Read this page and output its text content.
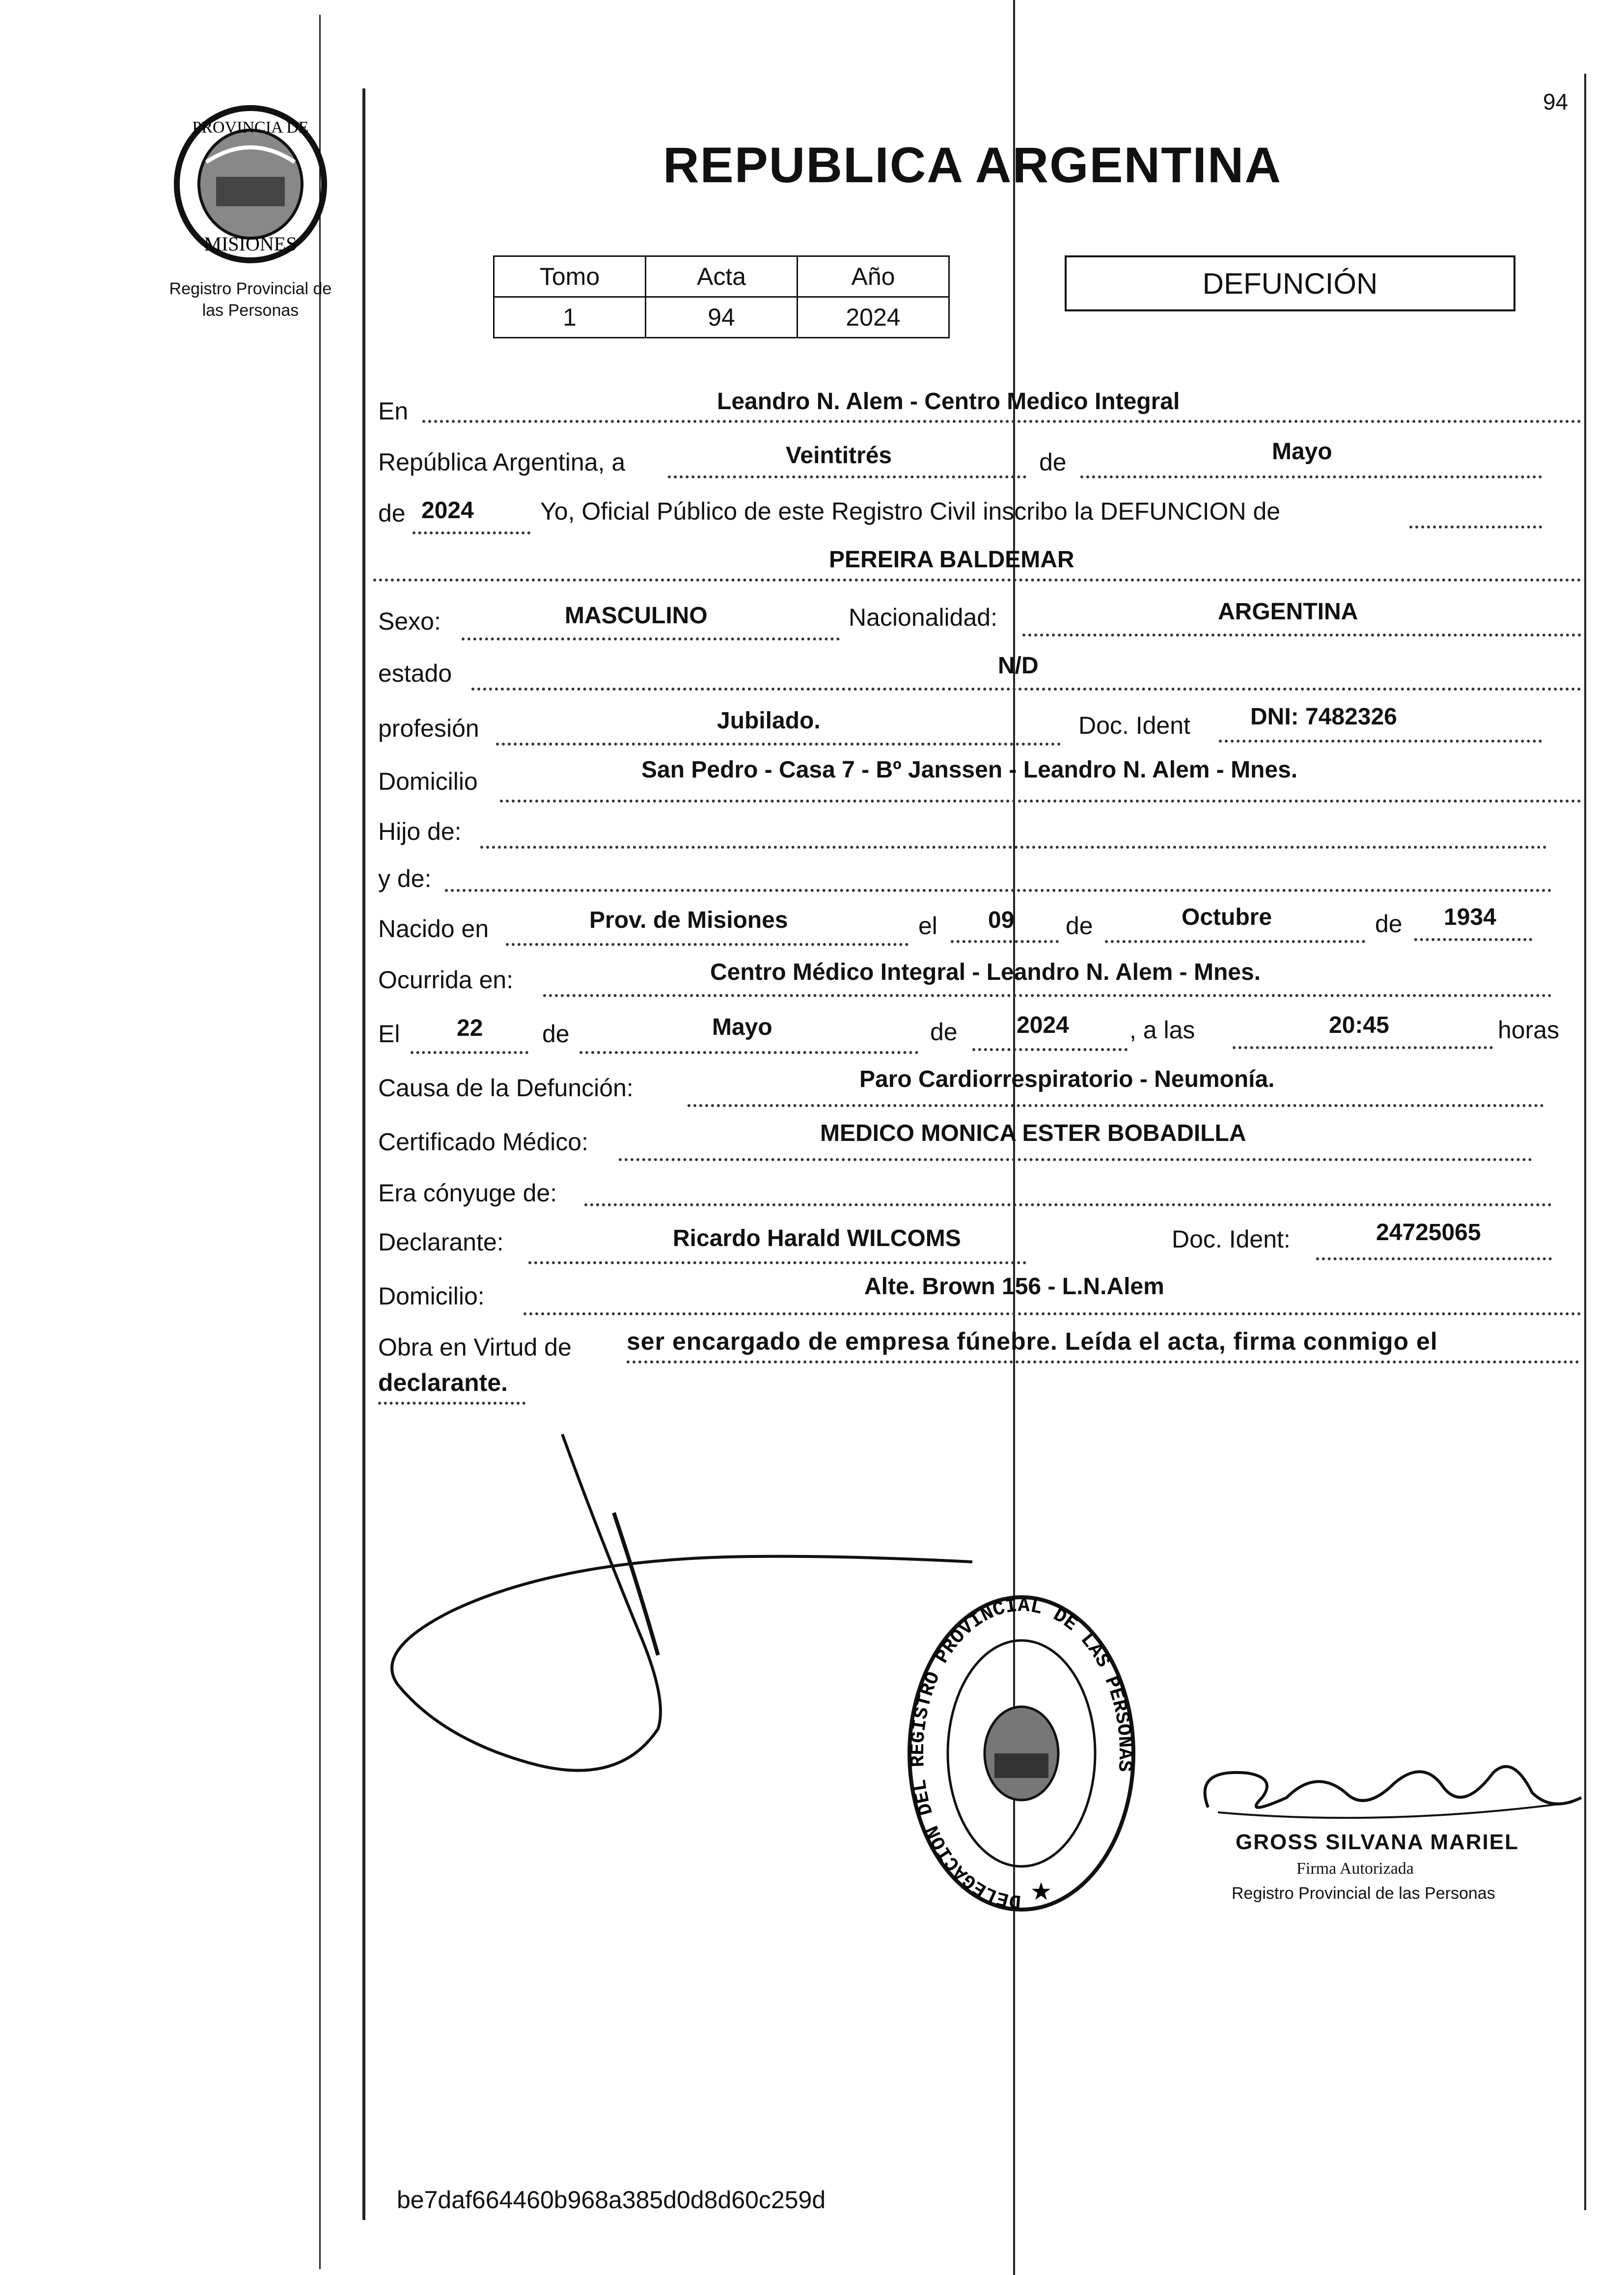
PROVINCIA DE
MISIONES
Registro Provincial de
las Personas
94
REPUBLICA ARGENTINA
Tomo	Acta	Año
1	94	2024
DEFUNCIÓN
En	Leandro N. Alem - Centro Medico Integral
República Argentina, a	Veintitrés	de	Mayo
de 2024	Yo, Oficial Público de este Registro Civil inscribo la DEFUNCION de
PEREIRA BALDEMAR
Sexo:	MASCULINO	Nacionalidad:	ARGENTINA
estado	N/D
profesión	Jubilado.	Doc. Ident	DNI: 7482326
Domicilio	San Pedro - Casa 7 - Bº Janssen - Leandro N. Alem - Mnes.
Hijo de:
y de:
Nacido en	Prov. de Misiones	el 09 de	Octubre	de 1934
Ocurrida en:	Centro Médico Integral - Leandro N. Alem - Mnes.
El 22 de	Mayo	de	2024 , a las	20:45	horas
Causa de la Defunción:	Paro Cardiorrespiratorio - Neumonía.
Certificado Médico:	MEDICO MONICA ESTER BOBADILLA
Era cónyuge de:
Declarante:	Ricardo Harald WILCOMS	Doc. Ident:	24725065
Domicilio:	Alte. Brown 156 - L.N.Alem
Obra en Virtud de ser encargado de empresa fúnebre. Leída el acta, firma conmigo el
declarante.
DELEGACION DEL REGISTRO PROVINCIAL DE LAS PERSONAS
★
GROSS SILVANA MARIEL
Firma Autorizada
Registro Provincial de las Personas
be7daf664460b968a385d0d8d60c259d
